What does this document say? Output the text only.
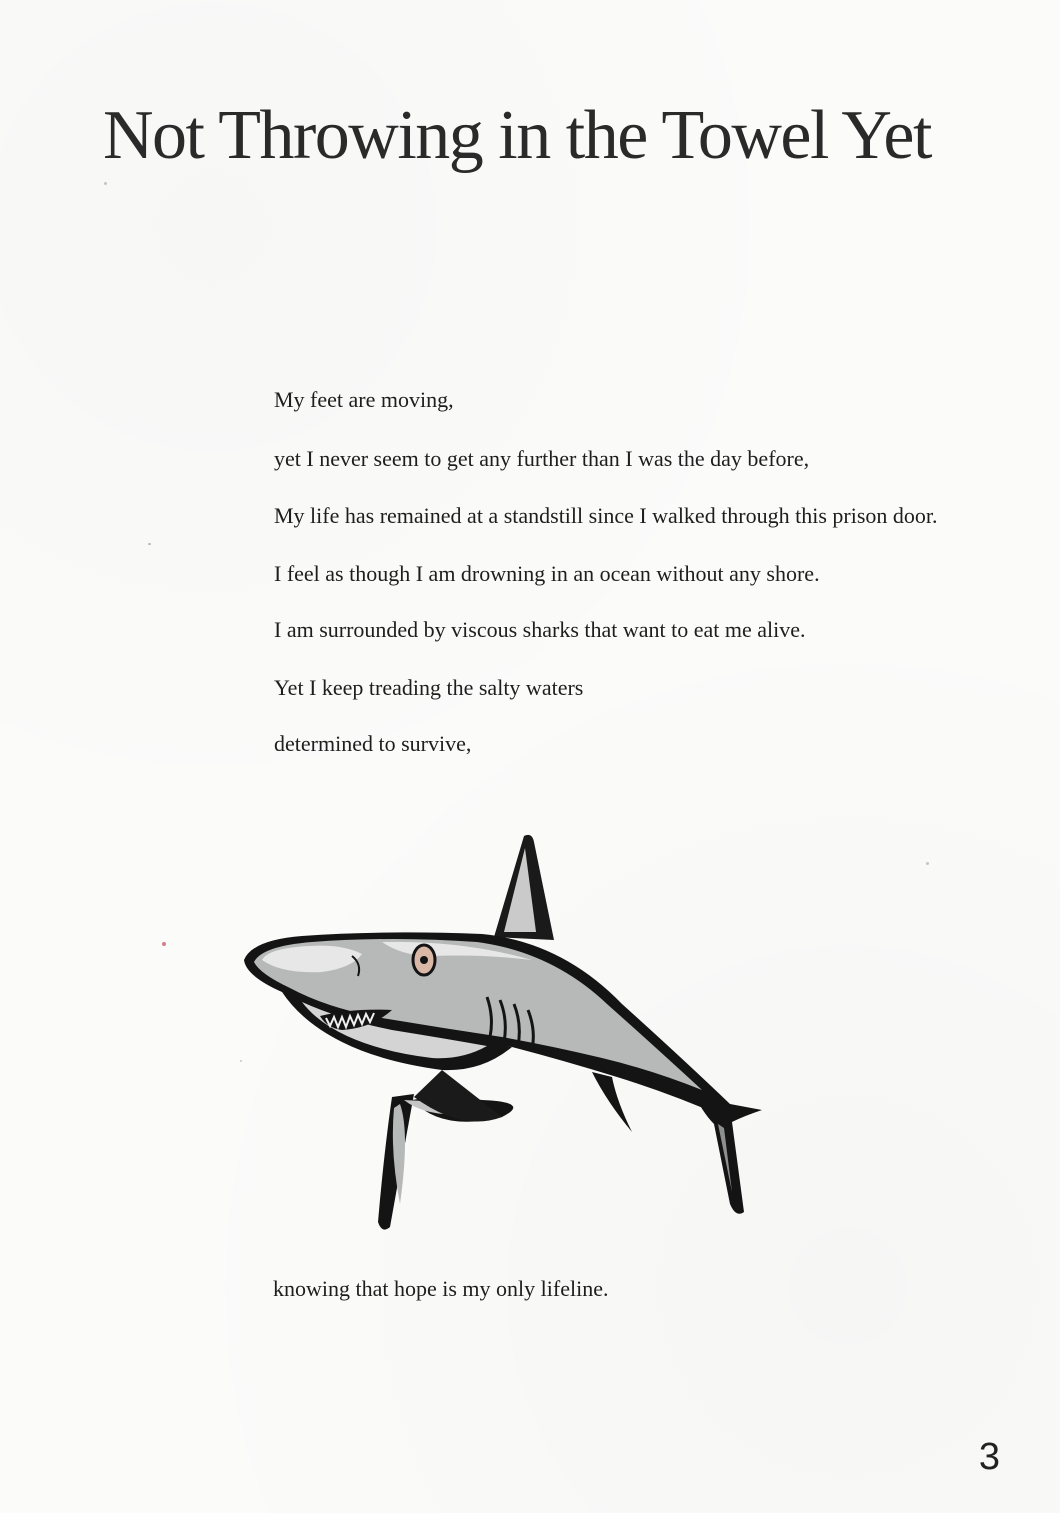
Not Throwing in the Towel Yet

My feet are moving,

yet I never seem to get any further than I was the day before,

My life has remained at a standstill since I walked through this prison door.

I feel as though I am drowning in an ocean without any shore.

I am surrounded by viscous sharks that want to eat me alive.

Yet I keep treading the salty waters

determined to survive,

knowing that hope is my only lifeline.

3
